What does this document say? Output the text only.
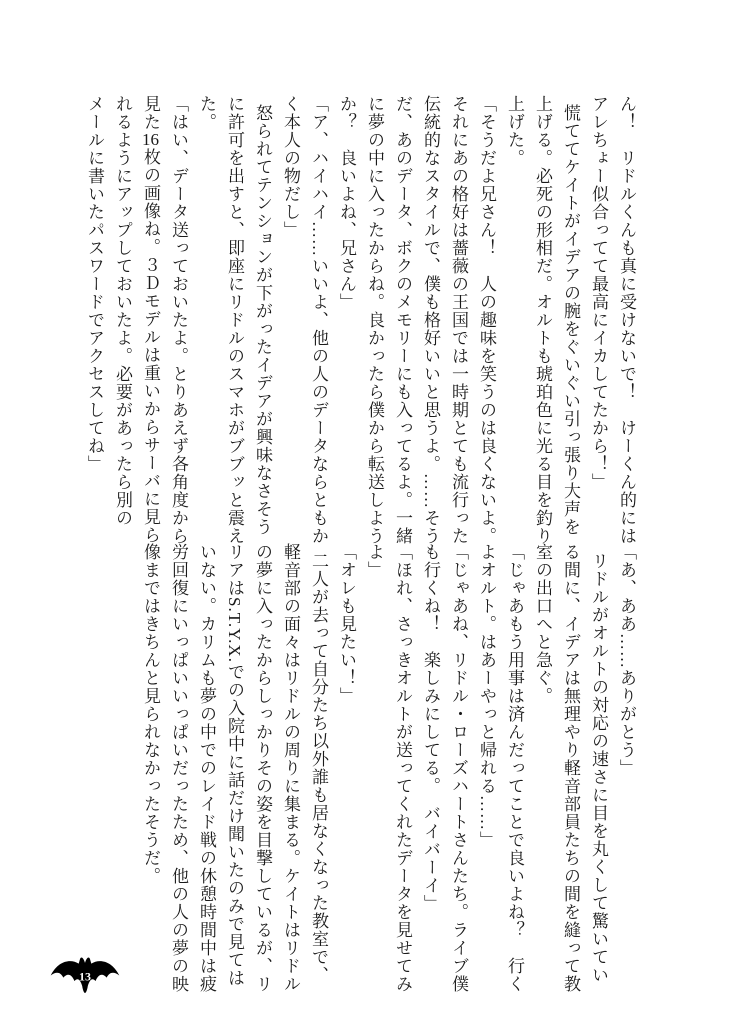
ん！　リドルくんも真に受けないで！　けーくん的には
アレちょー似合ってて最高にイカしてたから！」
慌ててケイトがイデアの腕をぐいぐい引っ張り大声を
上げる。必死の形相だ。オルトも琥珀色に光る目を釣り
上げた。
「そうだよ兄さん！　人の趣味を笑うのは良くないよ。
それにあの格好は薔薇の王国では一時期とても流行った
伝統的なスタイルで、僕も格好いいと思うよ。……そう
だ、あのデータ、ボクのメモリーにも入ってるよ。一緒
に夢の中に入ったからね。良かったら僕から転送しよう
か？　良いよね、兄さん」
「ア、ハイハイ……いいよ、他の人のデータならともか
く本人の物だし」
怒られてテンションが下がったイデアが興味なさそう
に許可を出すと、即座にリドルのスマホがブブッと震え
た。
「はい、データ送っておいたよ。とりあえず各角度から
見た16枚の画像ね。３Ｄモデルは重いからサーバに見ら
れるようにアップしておいたよ。必要があったら別の
メールに書いたパスワードでアクセスしてね」
「あ、ああ……ありがとう」
リドルがオルトの対応の速さに目を丸くして驚いてい
る間に、イデアは無理やり軽音部員たちの間を縫って教
室の出口へと急ぐ。
「じゃあもう用事は済んだってことで良いよね？　行く
よオルト。はあーやっと帰れる……」
「じゃあね、リドル・ローズハートさんたち。ライブ僕
も行くね！　楽しみにしてる。　バイバーイ」
「ほれ、さっきオルトが送ってくれたデータを見せてみ
よ」
「オレも見たい！」
二人が去って自分たち以外誰も居なくなった教室で、
軽音部の面々はリドルの周りに集まる。ケイトはリドル
の夢に入ったからしっかりその姿を目撃しているが、リ
リアはS.T.Y.X.での入院中に話だけ聞いたのみで見ては
いない。カリムも夢の中でのレイド戦の休憩時間中は疲
労回復にいっぱいいっぱいだったため、他の人の夢の映
像まではきちんと見られなかったそうだ。
13
